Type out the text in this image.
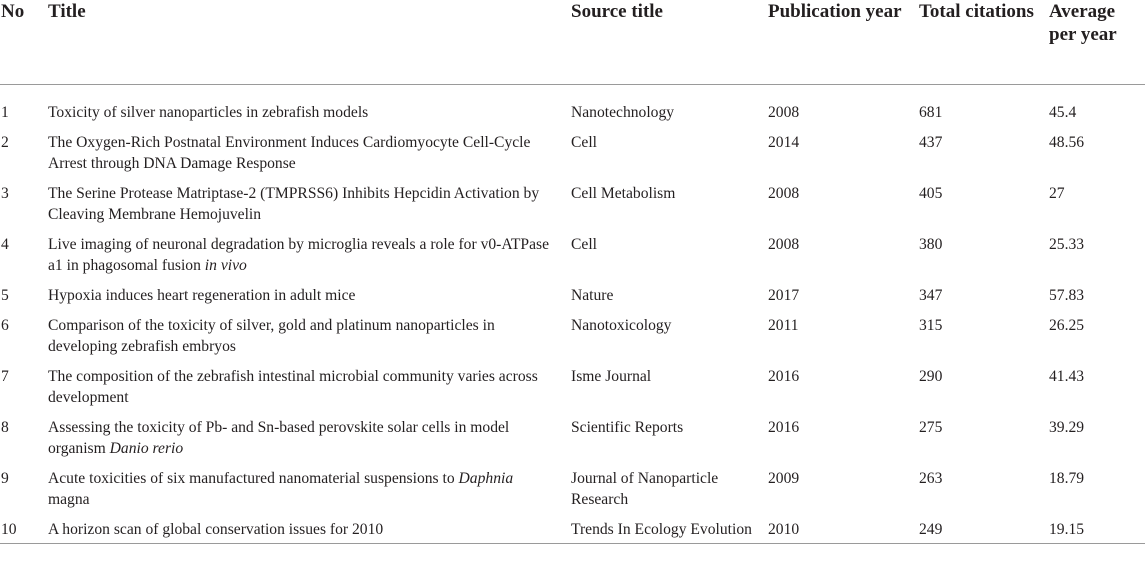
No	Title	Source title	Publication year	Total citations	Average per year
1	Toxicity of silver nanoparticles in zebrafish models	Nanotechnology	2008	681	45.4
2	The Oxygen-Rich Postnatal Environment Induces Cardiomyocyte Cell-Cycle Arrest through DNA Damage Response	Cell	2014	437	48.56
3	The Serine Protease Matriptase-2 (TMPRSS6) Inhibits Hepcidin Activation by Cleaving Membrane Hemojuvelin	Cell Metabolism	2008	405	27
4	Live imaging of neuronal degradation by microglia reveals a role for v0-ATPase a1 in phagosomal fusion in vivo	Cell	2008	380	25.33
5	Hypoxia induces heart regeneration in adult mice	Nature	2017	347	57.83
6	Comparison of the toxicity of silver, gold and platinum nanoparticles in developing zebrafish embryos	Nanotoxicology	2011	315	26.25
7	The composition of the zebrafish intestinal microbial community varies across development	Isme Journal	2016	290	41.43
8	Assessing the toxicity of Pb- and Sn-based perovskite solar cells in model organism Danio rerio	Scientific Reports	2016	275	39.29
9	Acute toxicities of six manufactured nanomaterial suspensions to Daphnia magna	Journal of Nanoparticle Research	2009	263	18.79
10	A horizon scan of global conservation issues for 2010	Trends In Ecology Evolution	2010	249	19.15
